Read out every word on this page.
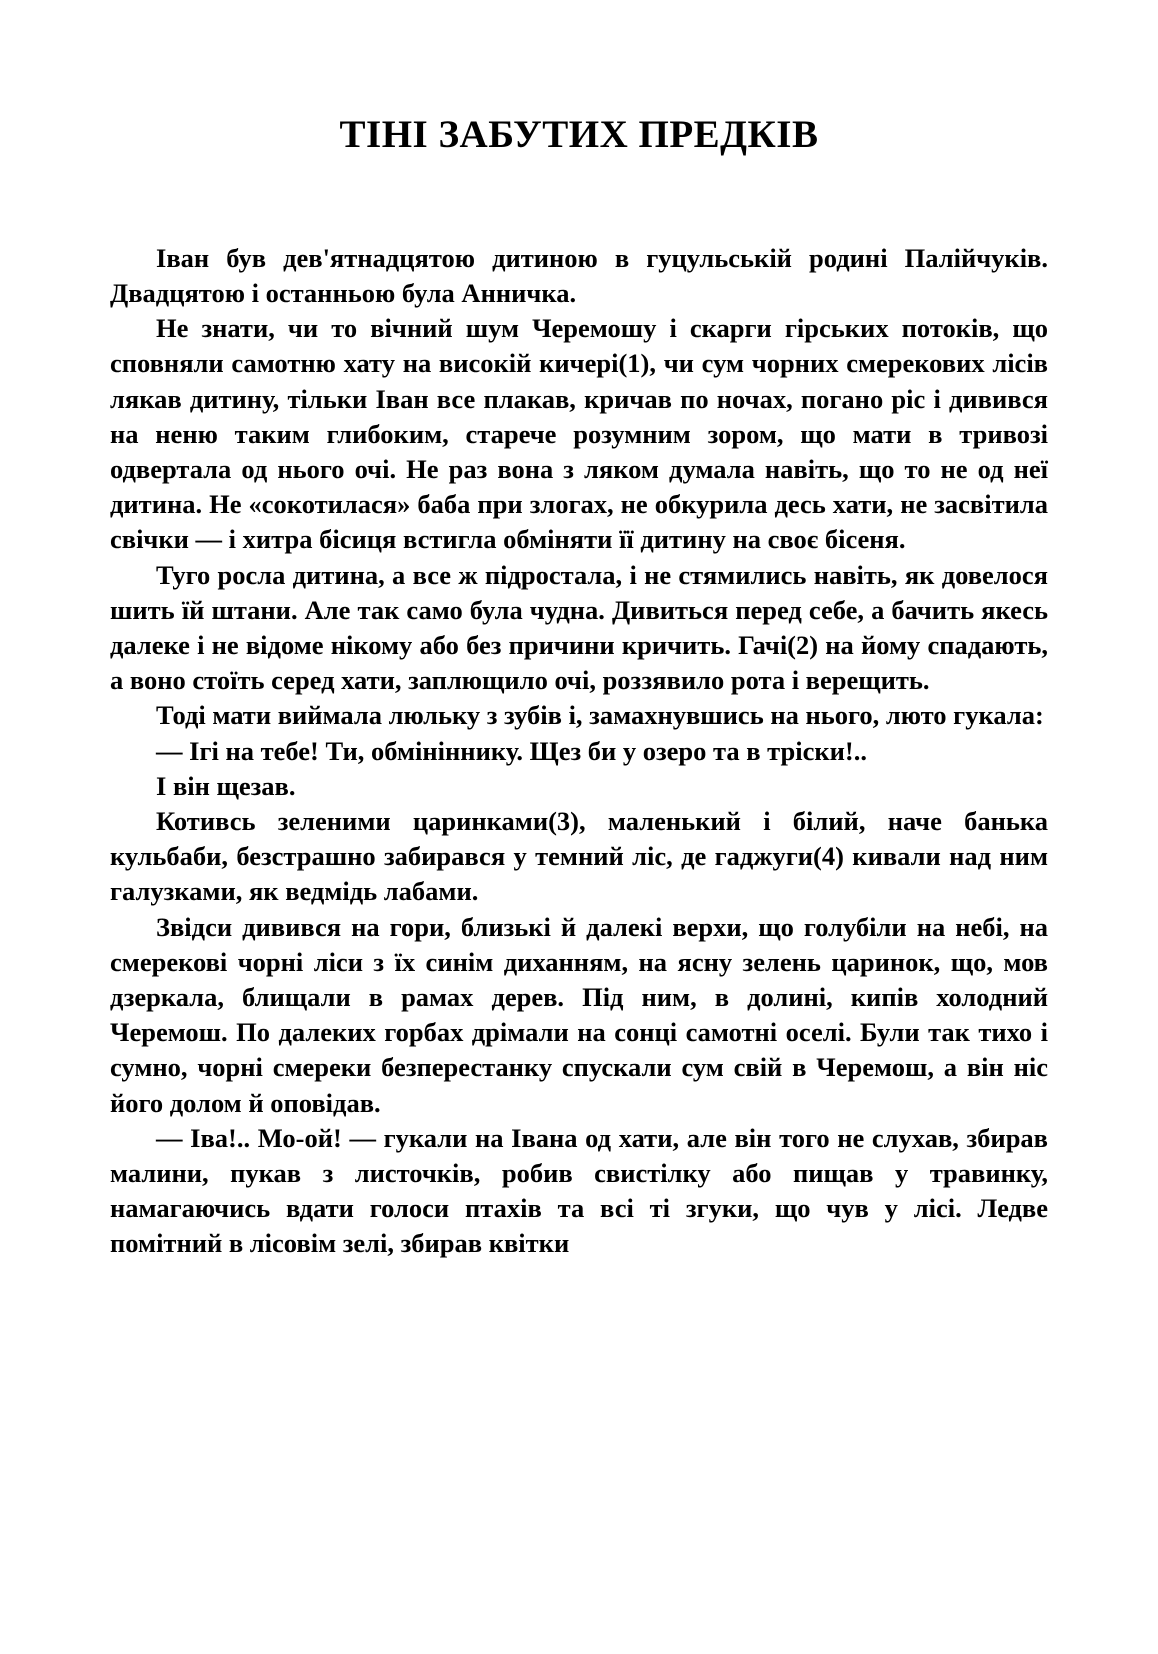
ТІНІ ЗАБУТИХ ПРЕДКІВ

Іван був дев'ятнадцятою дитиною в гуцульській родині Палійчуків. Двадцятою і останньою була Анничка.

Не знати, чи то вічний шум Черемошу і скарги гірських потоків, що сповняли самотню хату на високій кичері(1), чи сум чорних смерекових лісів лякав дитину, тільки Іван все плакав, кричав по ночах, погано ріс і дивився на неню таким глибоким, старече розумним зором, що мати в тривозі одвертала од нього очі. Не раз вона з ляком думала навіть, що то не од неї дитина. Не «сокотилася» баба при злогах, не обкурила десь хати, не засвітила свічки — і хитра бісиця встигла обміняти її дитину на своє бісеня.

Туго росла дитина, а все ж підростала, і не стямились навіть, як довелося шить їй штани. Але так само була чудна. Дивиться перед себе, а бачить якесь далеке і не відоме нікому або без причини кричить. Гачі(2) на йому спадають, а воно стоїть серед хати, заплющило очі, роззявило рота і верещить.

Тоді мати виймала люльку з зубів і, замахнувшись на нього, люто гукала:

— Ігі на тебе! Ти, обмініннику. Щез би у озеро та в тріски!..

І він щезав.

Котивсь зеленими царинками(3), маленький і білий, наче банька кульбаби, безстрашно забирався у темний ліс, де гаджуги(4) кивали над ним галузками, як ведмідь лабами.

Звідси дивився на гори, близькі й далекі верхи, що голубіли на небі, на смерекові чорні ліси з їх синім диханням, на ясну зелень царинок, що, мов дзеркала, блищали в рамах дерев. Під ним, в долині, кипів холодний Черемош. По далеких горбах дрімали на сонці самотні оселі. Були так тихо і сумно, чорні смереки безперестанку спускали сум свій в Черемош, а він ніс його долом й оповідав.

— Іва!.. Мо-ой! — гукали на Івана од хати, але він того не слухав, збирав малини, пукав з листочків, робив свистілку або пищав у травинку, намагаючись вдати голоси птахів та всі ті згуки, що чув у лісі. Ледве помітний в лісовім зелі, збирав квітки
